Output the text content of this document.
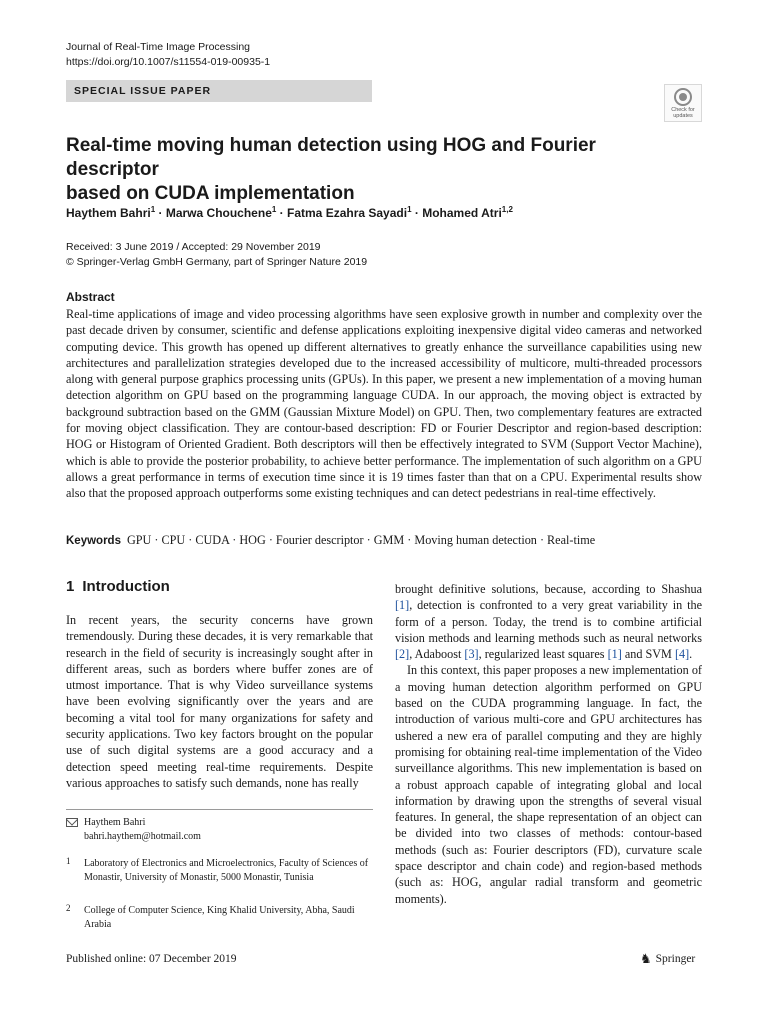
Journal of Real-Time Image Processing
https://doi.org/10.1007/s11554-019-00935-1
SPECIAL ISSUE PAPER
Check for
updates
Real-time moving human detection using HOG and Fourier descriptor
based on CUDA implementation
Haythem Bahri$^1$ · Marwa Chouchene$^1$ · Fatma Ezahra Sayadi$^1$ · Mohamed Atri$^{1,2}$
Received: 3 June 2019 / Accepted: 29 November 2019
© Springer-Verlag GmbH Germany, part of Springer Nature 2019
Abstract
Real-time applications of image and video processing algorithms have seen explosive growth in number and complexity over the past decade driven by consumer, scientific and defense applications exploiting inexpensive digital video cameras and networked computing device. This growth has opened up different alternatives to greatly enhance the surveillance capabilities using new architectures and parallelization strategies developed due to the increased accessibility of multicore, multi-threaded processors along with general purpose graphics processing units (GPUs). In this paper, we present a new implementation of a moving human detection algorithm on GPU based on the programming language CUDA. In our approach, the moving object is extracted by background subtraction based on the GMM (Gaussian Mixture Model) on GPU. Then, two complementary features are extracted for moving object classification. They are contour-based description: FD or Fourier Descriptor and region-based description: HOG or Histogram of Oriented Gradient. Both descriptors will then be effectively integrated to SVM (Support Vector Machine), which is able to provide the posterior probability, to achieve better performance. The implementation of such algorithm on a GPU allows a great performance in terms of execution time since it is 19 times faster than that on a CPU. Experimental results show also that the proposed approach outperforms some existing techniques and can detect pedestrians in real-time effectively.
Keywords GPU · CPU · CUDA · HOG · Fourier descriptor · GMM · Moving human detection · Real-time
1 Introduction

In recent years, the security concerns have grown tremendously. During these decades, it is very remarkable that research in the field of security is increasingly sought after in different areas, such as borders where buffer zones are of utmost importance. That is why Video surveillance systems have been evolving significantly over the years and are becoming a vital tool for many organizations for safety and security applications. Two key factors brought on the popular use of such digital systems are a good accuracy and a detection speed meeting real-time requirements. Despite various approaches to satisfy such demands, none has really

brought definitive solutions, because, according to Shashua [1], detection is confronted to a very great variability in the form of a person. Today, the trend is to combine artificial vision methods and learning methods such as neural networks [2], Adaboost [3], regularized least squares [1] and SVM [4].

In this context, this paper proposes a new implementation of a moving human detection algorithm performed on GPU based on the CUDA programming language. In fact, the introduction of various multi-core and GPU architectures has ushered a new era of parallel computing and they are highly promising for obtaining real-time implementation of the Video surveillance algorithms. This new implementation is based on a robust approach capable of integrating global and local information by drawing upon the strengths of several visual features. In general, the shape representation of an object can be divided into two classes of methods: contour-based methods (such as: Fourier descriptors (FD), curvature scale space descriptor and chain code) and region-based methods (such as: HOG, angular radial transform and geometric moments).

Haythem Bahri
bahri.haythem@hotmail.com
1	Laboratory of Electronics and Microelectronics, Faculty of Sciences of Monastir, University of Monastir, 5000 Monastir, Tunisia
2	College of Computer Science, King Khalid University, Abha, Saudi Arabia
Published online: 07 December 2019	♞ Springer
